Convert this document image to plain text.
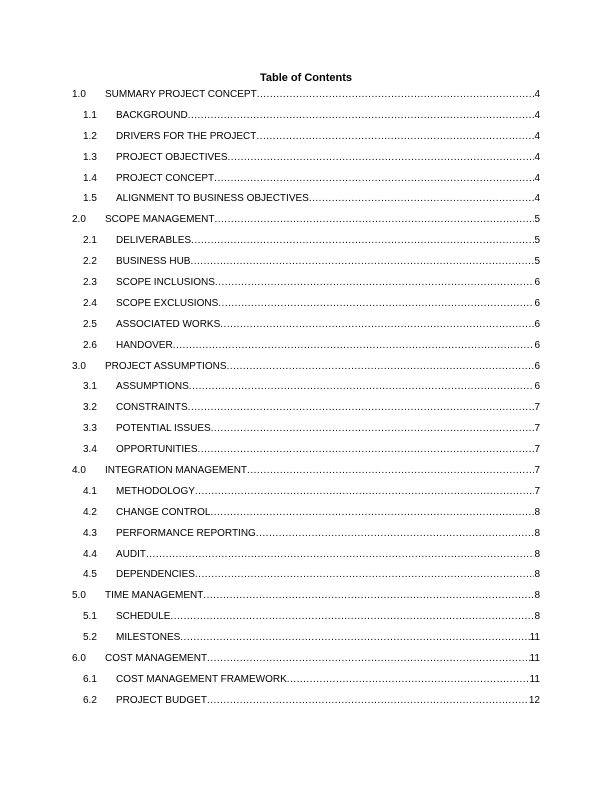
Table of Contents
1.0	SUMMARY PROJECT CONCEPT .....	4
1.1	BACKGROUND .....	4
1.2	DRIVERS FOR THE PROJECT .....	4
1.3	PROJECT OBJECTIVES .....	4
1.4	PROJECT CONCEPT .....	4
1.5	ALIGNMENT TO BUSINESS OBJECTIVES .....	4
2.0	SCOPE MANAGEMENT .....	5
2.1	DELIVERABLES .....	5
2.2	BUSINESS HUB .....	5
2.3	SCOPE INCLUSIONS .....	6
2.4	SCOPE EXCLUSIONS .....	6
2.5	ASSOCIATED WORKS .....	6
2.6	HANDOVER .....	6
3.0	PROJECT ASSUMPTIONS .....	6
3.1	ASSUMPTIONS .....	6
3.2	CONSTRAINTS .....	7
3.3	POTENTIAL ISSUES .....	7
3.4	OPPORTUNITIES .....	7
4.0	INTEGRATION MANAGEMENT .....	7
4.1	METHODOLOGY .....	7
4.2	CHANGE CONTROL .....	8
4.3	PERFORMANCE REPORTING .....	8
4.4	AUDIT .....	8
4.5	DEPENDENCIES .....	8
5.0	TIME MANAGEMENT .....	8
5.1	SCHEDULE .....	8
5.2	MILESTONES .....	11
6.0	COST MANAGEMENT .....	11
6.1	COST MANAGEMENT FRAMEWORK .....	11
6.2	PROJECT BUDGET .....	12
